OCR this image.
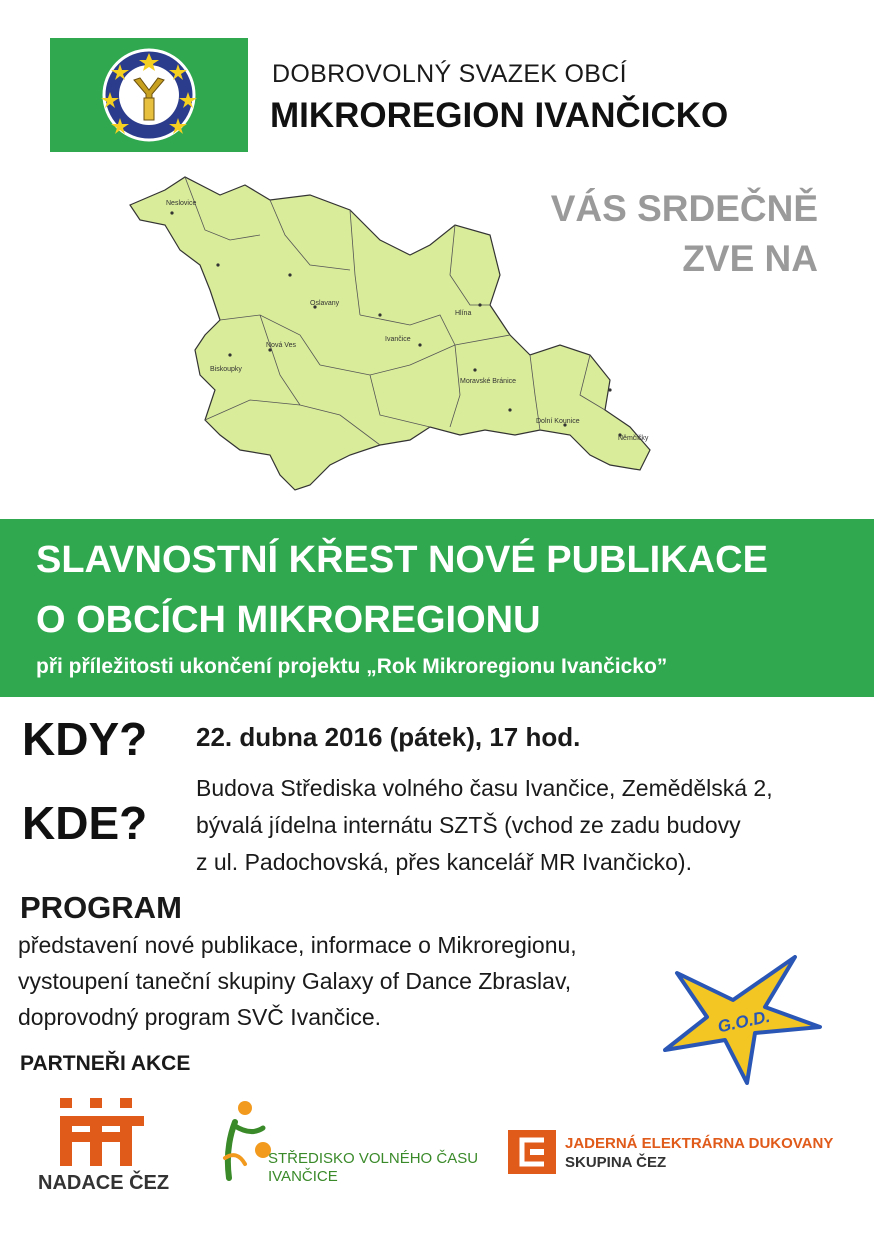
DOBROVOLNÝ SVAZEK OBCÍ
MIKROREGION IVANČICKO
Neslovice
Ivančice
Oslavany
Hlína
Moravské Bránice
Nová Ves
Dolní Kounice
Němčičky
Biskoupky
VÁS SRDEČNĚ
ZVE NA
SLAVNOSTNÍ KŘEST NOVÉ PUBLIKACE
O OBCÍCH MIKROREGIONU
při příležitosti ukončení projektu „Rok Mikroregionu Ivančicko”
KDY? 22. dubna 2016 (pátek), 17 hod.
KDE?
Budova Střediska volného času Ivančice, Zemědělská 2,
bývalá jídelna internátu SZTŠ (vchod ze zadu budovy
z ul. Padochovská, přes kancelář MR Ivančicko).
PROGRAM
představení nové publikace, informace o Mikroregionu,
vystoupení taneční skupiny Galaxy of Dance Zbraslav,
doprovodný program SVČ Ivančice.	G.O.D.
PARTNEŘI AKCE
NADACE ČEZ
STŘEDISKO VOLNÉHO ČASU
IVANČICE
JADERNÁ ELEKTRÁRNA DUKOVANY
SKUPINA ČEZ
